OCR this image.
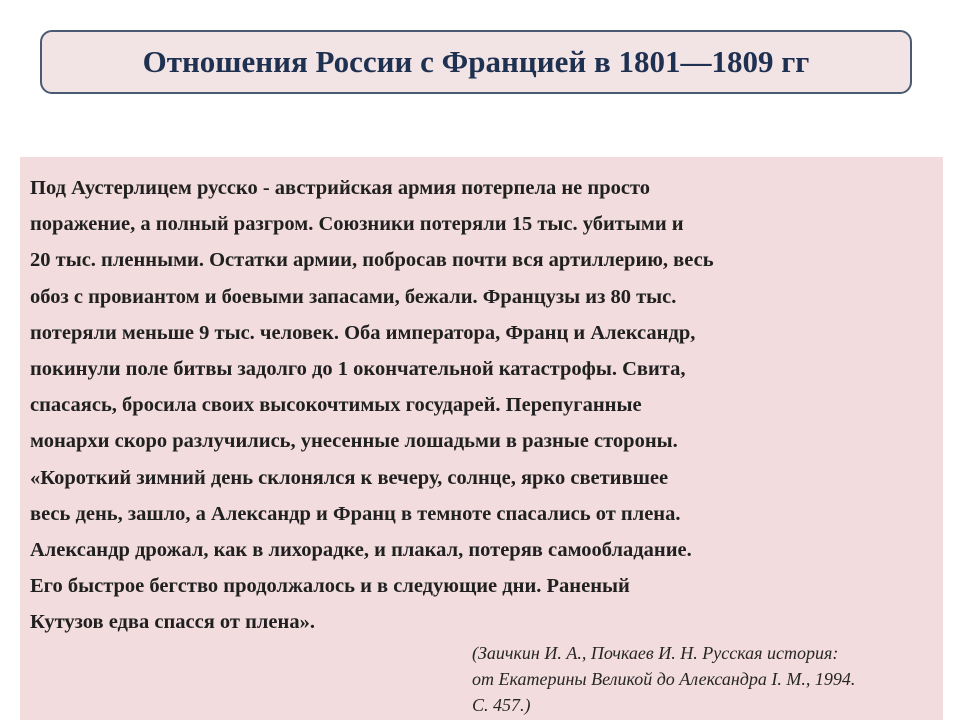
Отношения России с Францией в 1801—1809 гг

Под Аустерлицем русско - австрийская армия потерпела не просто
поражение, а полный разгром. Союзники потеряли 15 тыс. убитыми и
20 тыс. пленными. Остатки армии, побросав почти вся артиллерию, весь
обоз с провиантом и боевыми запасами, бежали. Французы из 80 тыс.
потеряли меньше 9 тыс. человек. Оба императора, Франц и Александр,
покинули поле битвы задолго до 1 окончательной катастрофы. Свита,
спасаясь, бросила своих высокочтимых государей. Перепуганные
монархи скоро разлучились, унесенные лошадьми в разные стороны.
«Короткий зимний день склонялся к вечеру, солнце, ярко светившее
весь день, зашло, а Александр и Франц в темноте спасались от плена.
Александр дрожал, как в лихорадке, и плакал, потеряв самообладание.
Его быстрое бегство продолжалось и в следующие дни. Раненый
Кутузов едва спасся от плена».

(Заичкин И. А., Почкаев И. Н. Русская история:
от Екатерины Великой до Александра I. М., 1994.
С. 457.)
